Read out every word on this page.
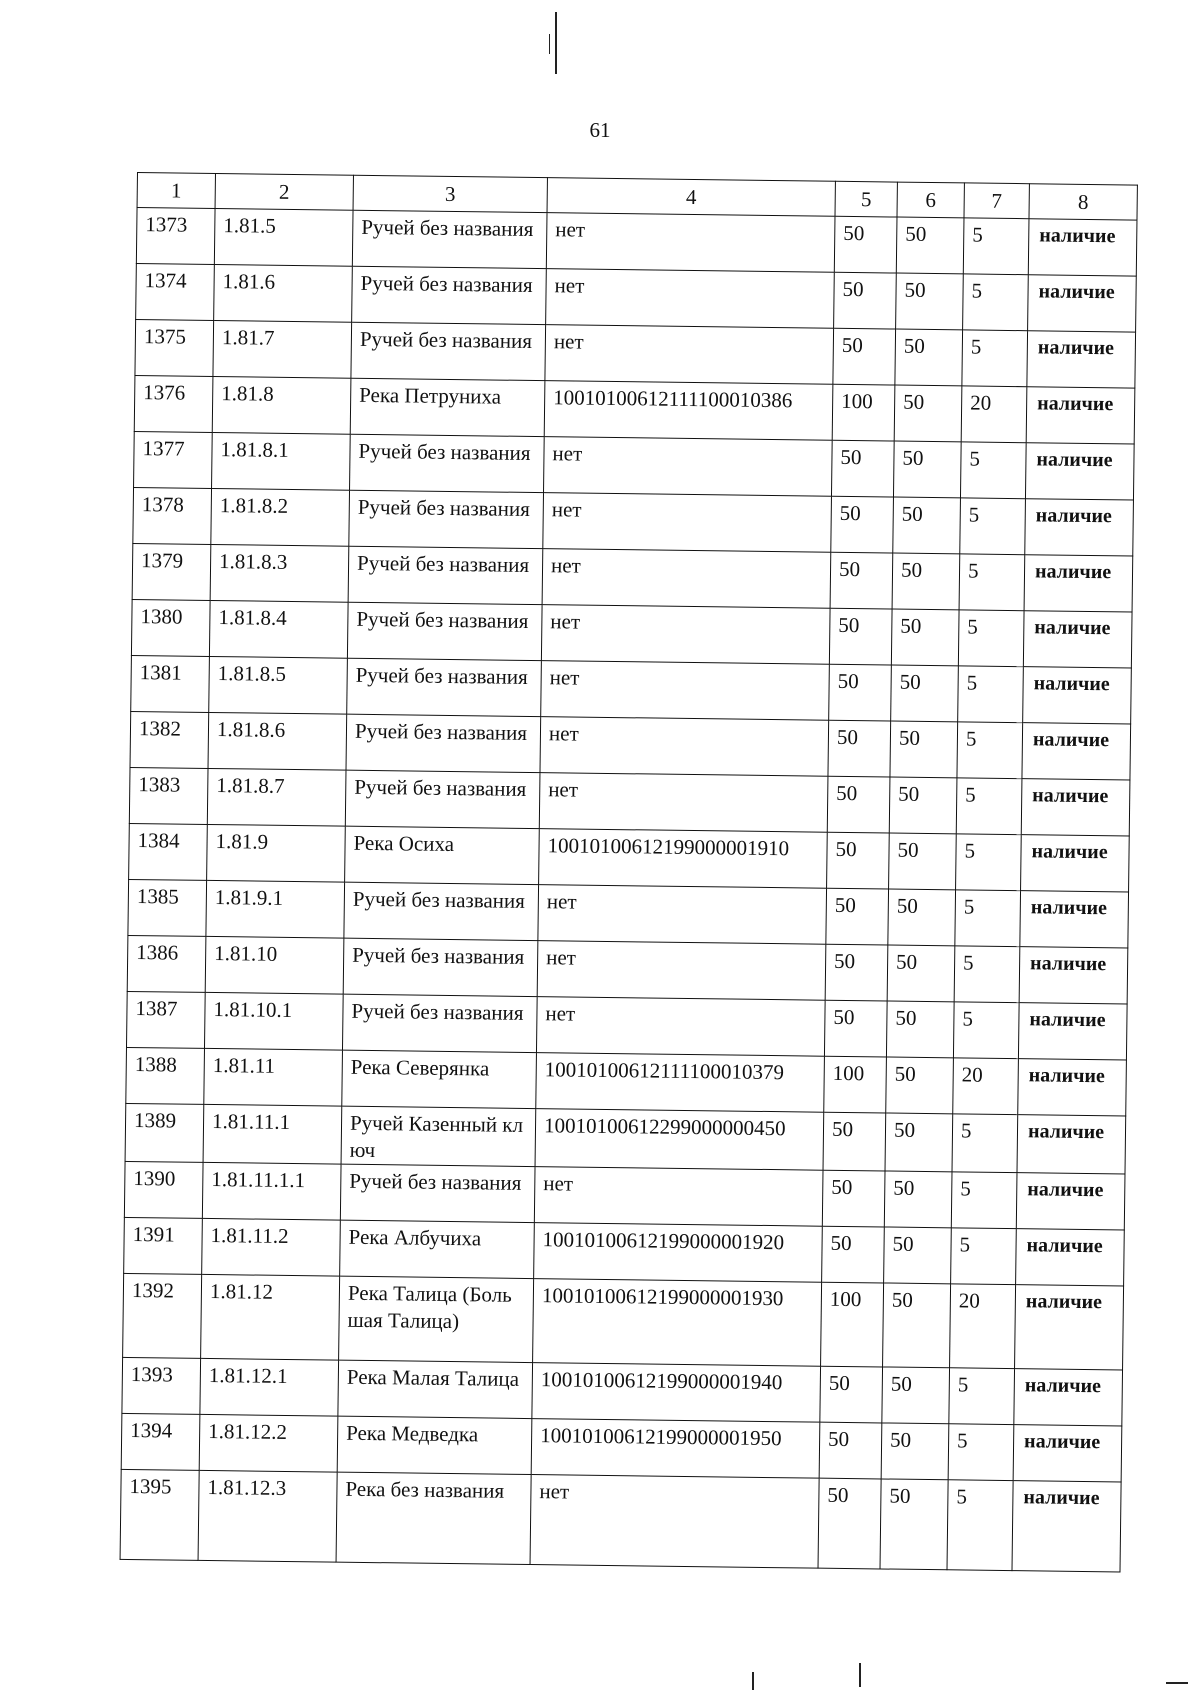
61
1	2	3	4	5	6	7	8
1373	1.81.5	Ручей без названия	нет	50	50	5	наличие
1374	1.81.6	Ручей без названия	нет	50	50	5	наличие
1375	1.81.7	Ручей без названия	нет	50	50	5	наличие
1376	1.81.8	Река Петруниха	10010100612111100010386	100	50	20	наличие
1377	1.81.8.1	Ручей без названия	нет	50	50	5	наличие
1378	1.81.8.2	Ручей без названия	нет	50	50	5	наличие
1379	1.81.8.3	Ручей без названия	нет	50	50	5	наличие
1380	1.81.8.4	Ручей без названия	нет	50	50	5	наличие
1381	1.81.8.5	Ручей без названия	нет	50	50	5	наличие
1382	1.81.8.6	Ручей без названия	нет	50	50	5	наличие
1383	1.81.8.7	Ручей без названия	нет	50	50	5	наличие
1384	1.81.9	Река Осиха	10010100612199000001910	50	50	5	наличие
1385	1.81.9.1	Ручей без названия	нет	50	50	5	наличие
1386	1.81.10	Ручей без названия	нет	50	50	5	наличие
1387	1.81.10.1	Ручей без названия	нет	50	50	5	наличие
1388	1.81.11	Река Северянка	10010100612111100010379	100	50	20	наличие
1389	1.81.11.1	Ручей Казенный ключ	10010100612299000000450	50	50	5	наличие
1390	1.81.11.1.1	Ручей без названия	нет	50	50	5	наличие
1391	1.81.11.2	Река Албучиха	10010100612199000001920	50	50	5	наличие
1392	1.81.12	Река Талица (Большая Талица)	10010100612199000001930	100	50	20	наличие
1393	1.81.12.1	Река Малая Талица	10010100612199000001940	50	50	5	наличие
1394	1.81.12.2	Река Медведка	10010100612199000001950	50	50	5	наличие
1395	1.81.12.3	Река без названия	нет	50	50	5	наличие
